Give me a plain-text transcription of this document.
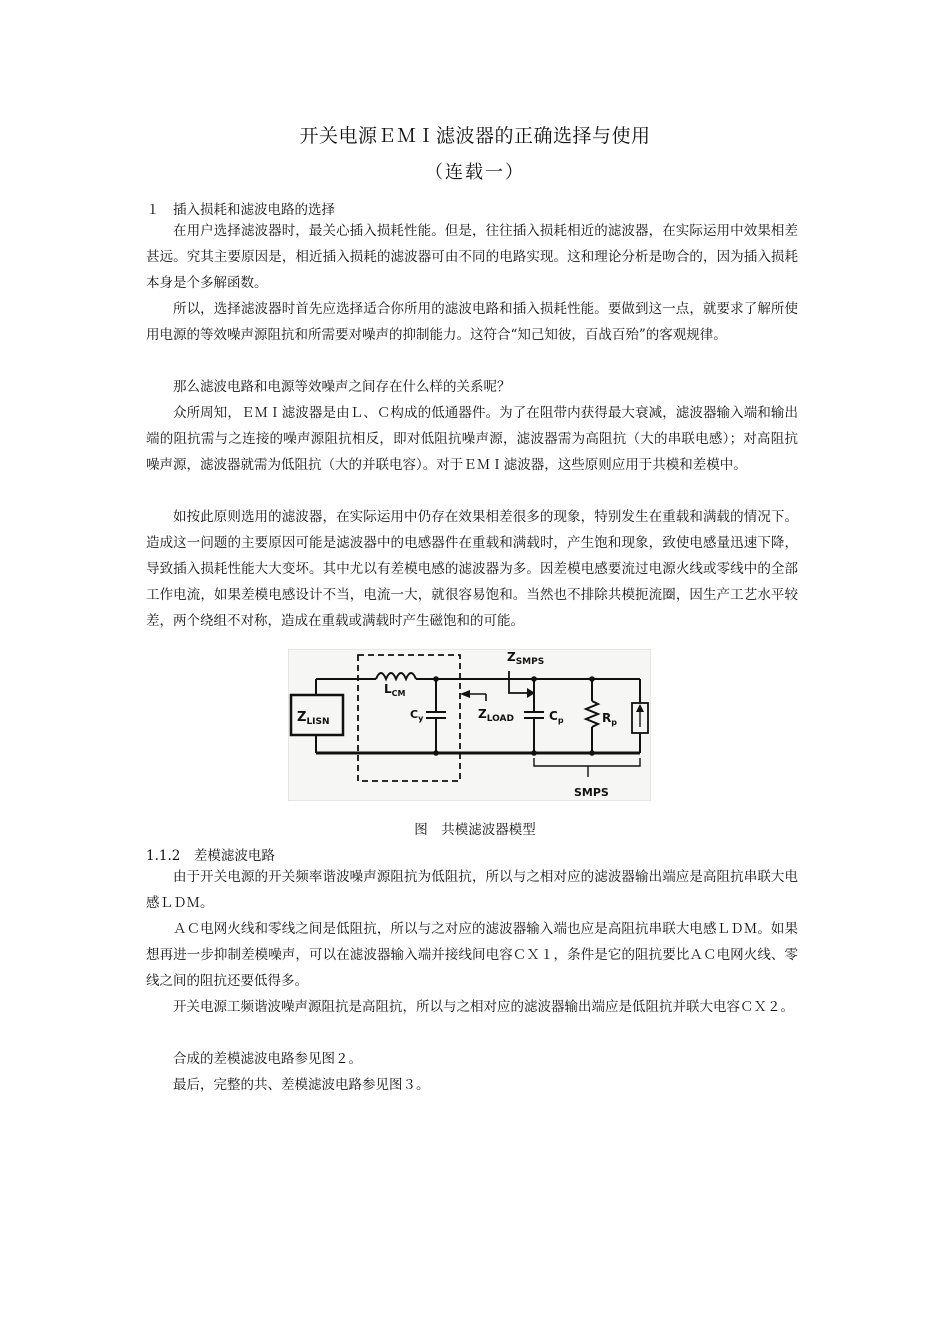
开关电源ＥＭＩ滤波器的正确选择与使用
（连载一）
１　插入损耗和滤波电路的选择

在用户选择滤波器时，最关心插入损耗性能。但是，往往插入损耗相近的滤波器，在实际运用中效果相差甚远。究其主要原因是，相近插入损耗的滤波器可由不同的电路实现。这和理论分析是吻合的，因为插入损耗本身是个多解函数。

所以，选择滤波器时首先应选择适合你所用的滤波电路和插入损耗性能。要做到这一点，就要求了解所使用电源的等效噪声源阻抗和所需要对噪声的抑制能力。这符合“知己知彼，百战百殆”的客观规律。

那么滤波电路和电源等效噪声之间存在什么样的关系呢？

众所周知，ＥＭＩ滤波器是由Ｌ、Ｃ构成的低通器件。为了在阻带内获得最大衰减，滤波器输入端和输出端的阻抗需与之连接的噪声源阻抗相反，即对低阻抗噪声源，滤波器需为高阻抗（大的串联电感）；对高阻抗噪声源，滤波器就需为低阻抗（大的并联电容）。对于ＥＭＩ滤波器，这些原则应用于共模和差模中。

如按此原则选用的滤波器，在实际运用中仍存在效果相差很多的现象，特别发生在重载和满载的情况下。造成这一问题的主要原因可能是滤波器中的电感器件在重载和满载时，产生饱和现象，致使电感量迅速下降，导致插入损耗性能大大变坏。其中尤以有差模电感的滤波器为多。因差模电感要流过电源火线或零线中的全部工作电流，如果差模电感设计不当，电流一大，就很容易饱和。当然也不排除共模扼流圈，因生产工艺水平较差，两个绕组不对称，造成在重载或满载时产生磁饱和的可能。

$Z_{LISN}$
$L_{CM}$
$C_y$	$Z_{LOAD}$	$C_p$	$R_p$
$Z_{SMPS}$
SMPS
图　共模滤波器模型
1.1.2　差模滤波电路

由于开关电源的开关频率谐波噪声源阻抗为低阻抗，所以与之相对应的滤波器输出端应是高阻抗串联大电感ＬＤＭ。

ＡＣ电网火线和零线之间是低阻抗，所以与之对应的滤波器输入端也应是高阻抗串联大电感ＬＤＭ。如果想再进一步抑制差模噪声，可以在滤波器输入端并接线间电容ＣＸ１，条件是它的阻抗要比ＡＣ电网火线、零线之间的阻抗还要低得多。

开关电源工频谐波噪声源阻抗是高阻抗，所以与之相对应的滤波器输出端应是低阻抗并联大电容ＣＸ２。

合成的差模滤波电路参见图２。

最后，完整的共、差模滤波电路参见图３。
